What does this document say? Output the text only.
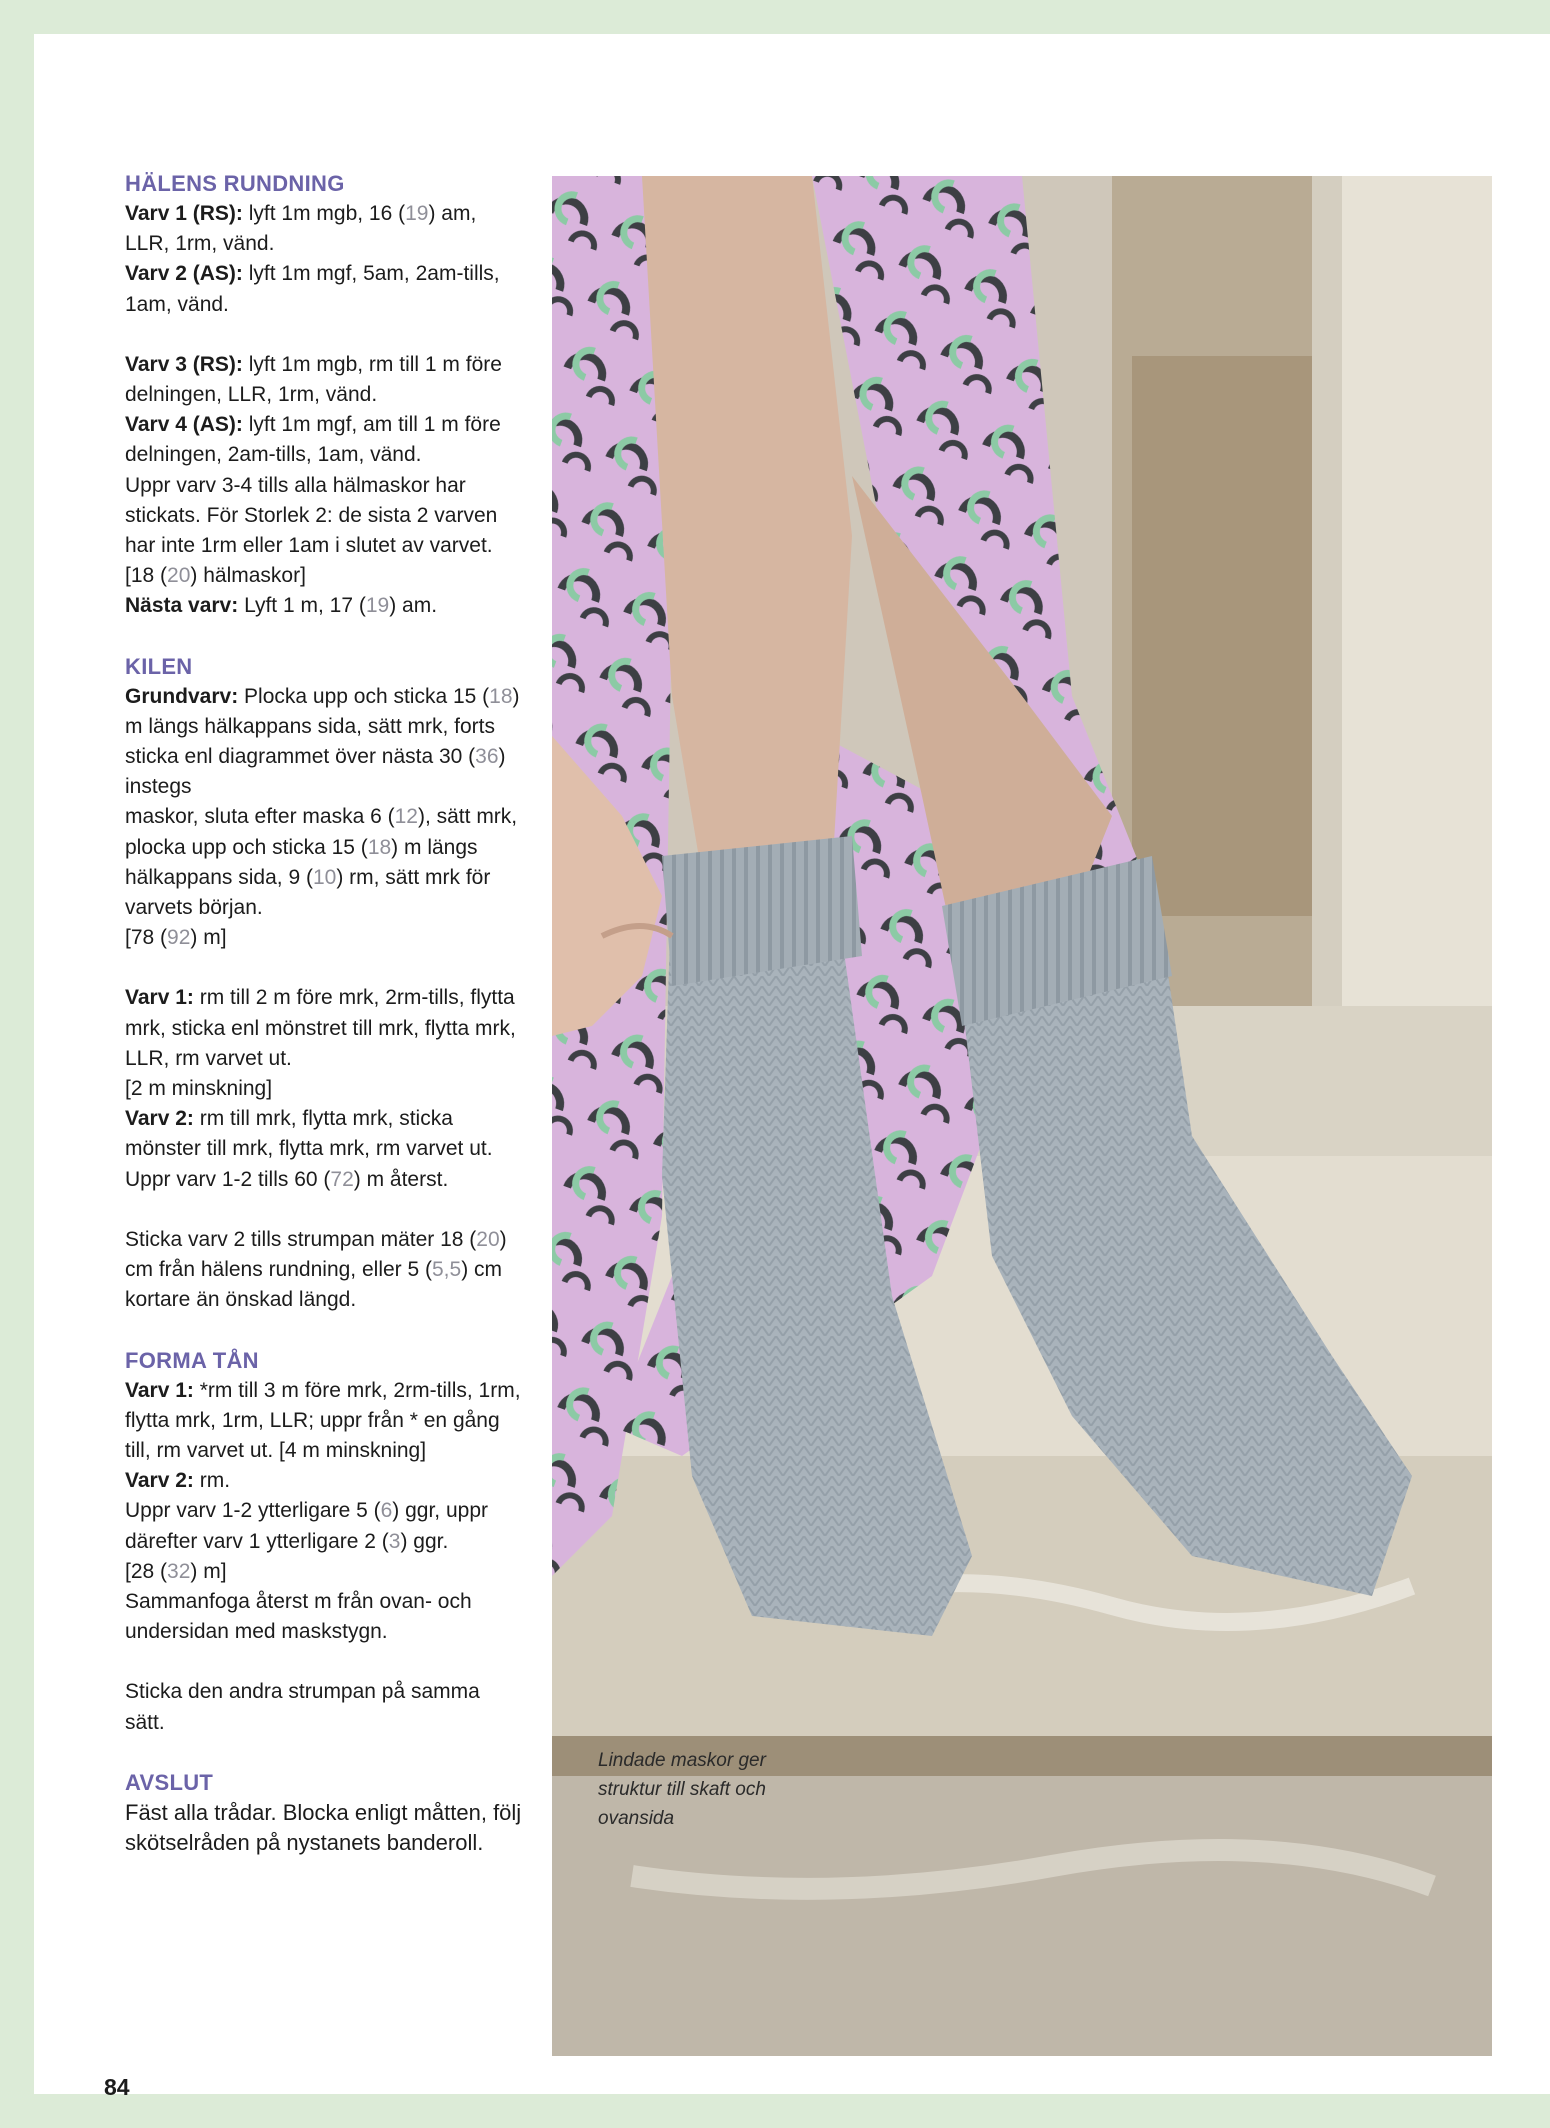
HÄLENS RUNDNING

Varv 1 (RS): lyft 1m mgb, 16 (19) am, LLR, 1rm, vänd.

Varv 2 (AS): lyft 1m mgf, 5am, 2am-tills, 1am, vänd.

Varv 3 (RS): lyft 1m mgb, rm till 1 m före delningen, LLR, 1rm, vänd.

Varv 4 (AS): lyft 1m mgf, am till 1 m före delningen, 2am-tills, 1am, vänd.

Uppr varv 3-4 tills alla hälmaskor har stickats. För Storlek 2: de sista 2 varven har inte 1rm eller 1am i slutet av varvet.

[18 (20) hälmaskor]

Nästa varv: Lyft 1 m, 17 (19) am.

KILEN

Grundvarv: Plocka upp och sticka 15 (18) m längs hälkappans sida, sätt mrk, forts sticka enl diagrammet över nästa 30 (36) instegs

maskor, sluta efter maska 6 (12), sätt mrk, plocka upp och sticka 15 (18) m längs hälkappans sida, 9 (10) rm, sätt mrk för varvets början.

[78 (92) m]

Varv 1: rm till 2 m före mrk, 2rm-tills, flytta mrk, sticka enl mönstret till mrk, flytta mrk, LLR, rm varvet ut.

[2 m minskning]

Varv 2: rm till mrk, flytta mrk, sticka mönster till mrk, flytta mrk, rm varvet ut.

Uppr varv 1-2 tills 60 (72) m återst.

Sticka varv 2 tills strumpan mäter 18 (20) cm från hälens rundning, eller 5 (5,5) cm kortare än önskad längd.

FORMA TÅN

Varv 1: *rm till 3 m före mrk, 2rm-tills, 1rm, flytta mrk, 1rm, LLR; uppr från * en gång till, rm varvet ut. [4 m minskning]

Varv 2: rm.

Uppr varv 1-2 ytterligare 5 (6) ggr, uppr därefter varv 1 ytterligare 2 (3) ggr.

[28 (32) m]

Sammanfoga återst m från ovan- och undersidan med maskstygn.

Sticka den andra strumpan på samma sätt.

AVSLUT

Fäst alla trådar. Blocka enligt måtten, följ skötselråden på nystanets banderoll.

Lindade maskor ger struktur till skaft och ovansida
84
